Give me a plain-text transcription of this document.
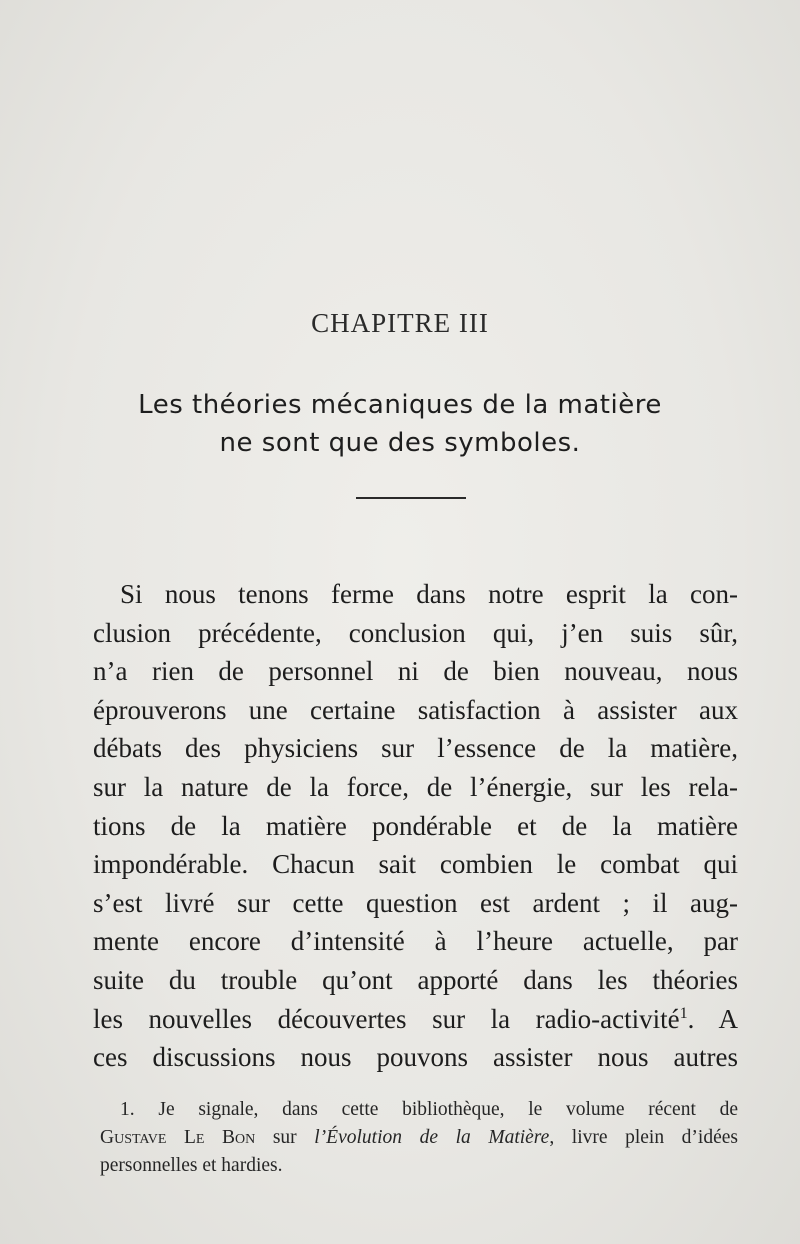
CHAPITRE III
Les théories mécaniques de la matière
ne sont que des symboles.
Si nous tenons ferme dans notre esprit la con-
clusion précédente, conclusion qui, j’en suis sûr,
n’a rien de personnel ni de bien nouveau, nous
éprouverons une certaine satisfaction à assister aux
débats des physiciens sur l’essence de la matière,
sur la nature de la force, de l’énergie, sur les rela-
tions de la matière pondérable et de la matière
impondérable. Chacun sait combien le combat qui
s’est livré sur cette question est ardent ; il aug-
mente encore d’intensité à l’heure actuelle, par
suite du trouble qu’ont apporté dans les théories
les nouvelles découvertes sur la radio-activité$^1$. A
ces discussions nous pouvons assister nous autres
1. Je signale, dans cette bibliothèque, le volume récent de
Gustave Le Bon sur l’Évolution de la Matière, livre plein d’idées
personnelles et hardies.
